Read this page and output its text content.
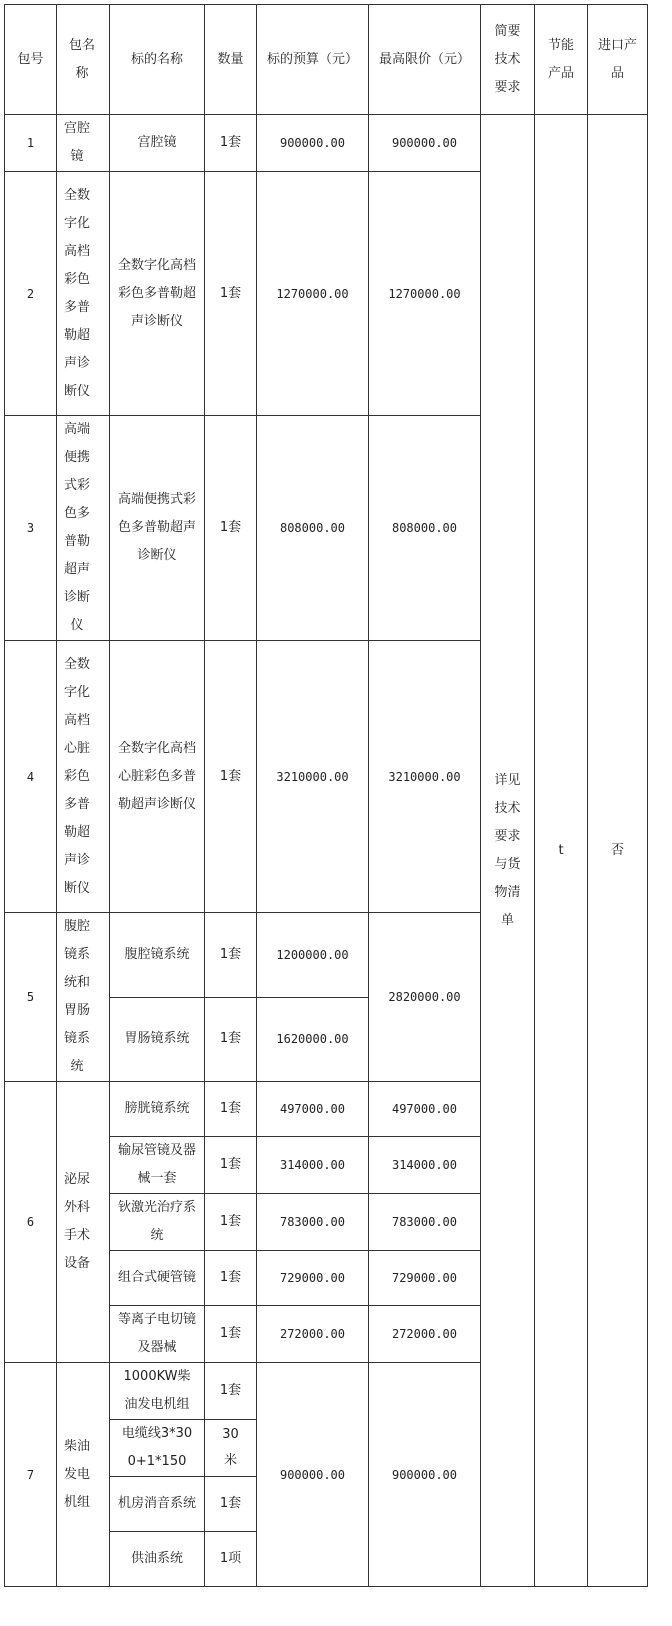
包号	包名称	标的名称	数量	标的预算（元）	最高限价（元）	简要技术要求	节能产品	进口产品
1	宫腔镜	宫腔镜	1套	900000.00	900000.00	详见技术要求与货物清单	t	否
2	全数字化高档彩色多普勒超声诊断仪	全数字化高档彩色多普勒超声诊断仪	1套	1270000.00	1270000.00			
3	高端便携式彩色多普勒超声诊断仪	高端便携式彩色多普勒超声诊断仪	1套	808000.00	808000.00			
4	全数字化高档心脏彩色多普勒超声诊断仪	全数字化高档心脏彩色多普勒超声诊断仪	1套	3210000.00	3210000.00			
5	腹腔镜系统和胃肠镜系统	腹腔镜系统	1套	1200000.00	2820000.00			
		胃肠镜系统	1套	1620000.00				
6	泌尿外科手术设备	膀胱镜系统	1套	497000.00	497000.00			
		输尿管镜及器械一套	1套	314000.00	314000.00			
		钬激光治疗系统	1套	783000.00	783000.00			
		组合式硬管镜	1套	729000.00	729000.00			
		等离子电切镜及器械	1套	272000.00	272000.00			
7	柴油发电机组	1000KW柴油发电机组	1套	900000.00	900000.00			
		电缆线3*300+1*150	30米					
		机房消音系统	1套					
		供油系统	1项					
